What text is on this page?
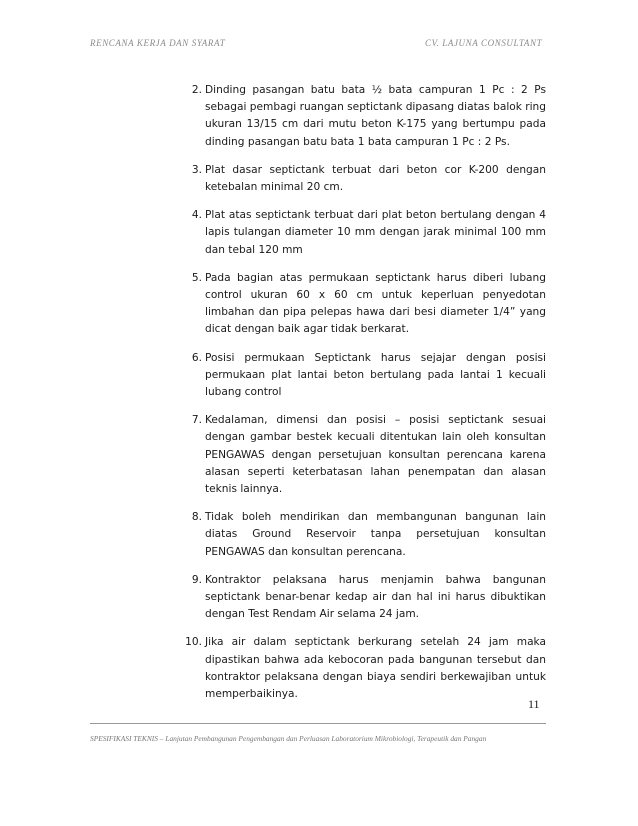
RENCANA KERJA DAN SYARAT	CV. LAJUNA CONSULTANT
2. Dinding pasangan batu bata ½ bata campuran 1 Pc : 2 Ps sebagai pembagi ruangan septictank dipasang diatas balok ring ukuran 13/15 cm dari mutu beton K-175 yang bertumpu pada dinding pasangan batu bata 1 bata campuran 1 Pc : 2 Ps.
3. Plat dasar septictank terbuat dari beton cor K-200 dengan ketebalan minimal 20 cm.
4. Plat atas septictank terbuat dari plat beton bertulang dengan 4 lapis tulangan diameter 10 mm dengan jarak minimal 100 mm dan tebal 120 mm
5. Pada bagian atas permukaan septictank harus diberi lubang control ukuran 60 x 60 cm untuk keperluan penyedotan limbahan dan pipa pelepas hawa dari besi diameter 1/4” yang dicat dengan baik agar tidak berkarat.
6. Posisi permukaan Septictank harus sejajar dengan posisi permukaan plat lantai beton bertulang pada lantai 1 kecuali lubang control
7. Kedalaman, dimensi dan posisi – posisi septictank sesuai dengan gambar bestek kecuali ditentukan lain oleh konsultan PENGAWAS dengan persetujuan konsultan perencana karena alasan seperti keterbatasan lahan penempatan dan alasan teknis lainnya.
8. Tidak boleh mendirikan dan membangunan bangunan lain diatas Ground Reservoir tanpa persetujuan konsultan PENGAWAS dan konsultan perencana.
9. Kontraktor pelaksana harus menjamin bahwa bangunan septictank benar-benar kedap air dan hal ini harus dibuktikan dengan Test Rendam Air selama 24 jam.
10. Jika air dalam septictank berkurang setelah 24 jam maka dipastikan bahwa ada kebocoran pada bangunan tersebut dan kontraktor pelaksana dengan biaya sendiri berkewajiban untuk memperbaikinya.
11
SPESIFIKASI TEKNIS – Lanjutan Pembangunan Pengembangan dan Perluasan Laboratorium Mikrobiologi, Terapeutik dan Pangan
